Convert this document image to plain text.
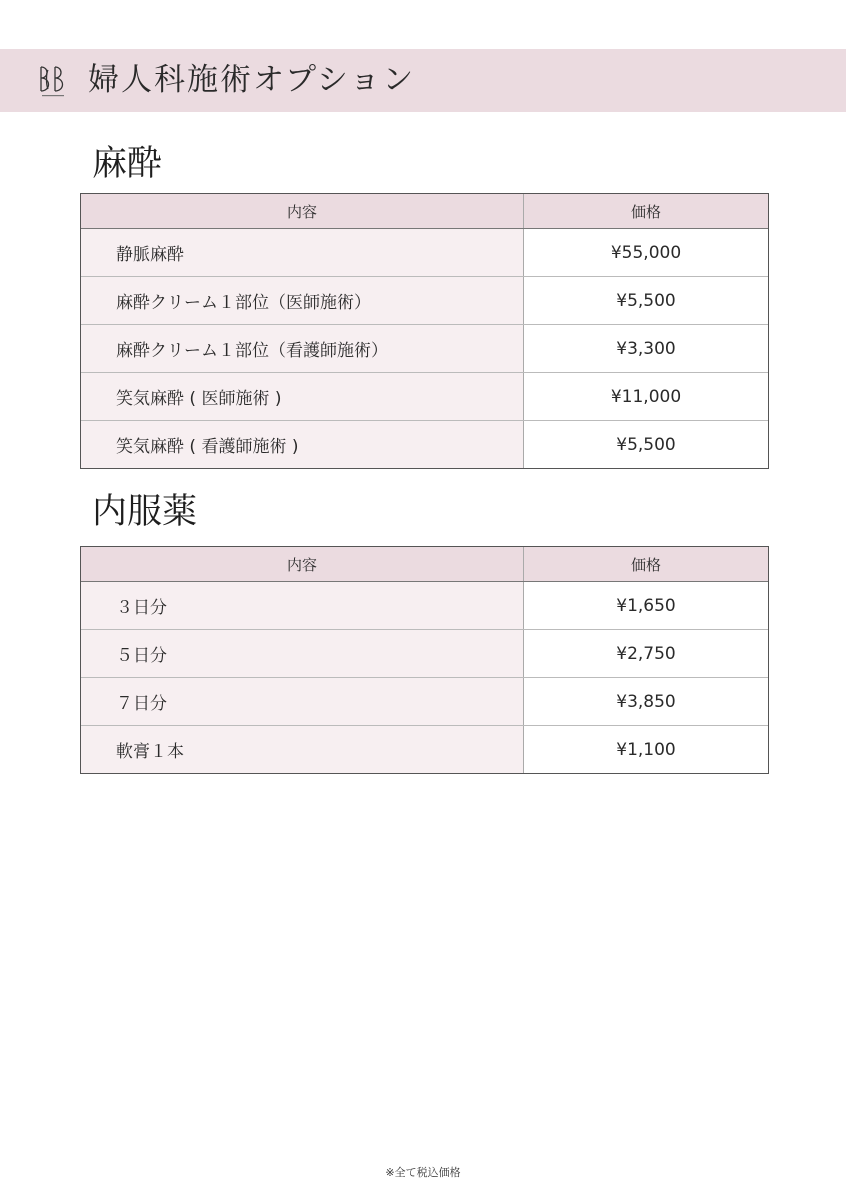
婦人科施術オプション
麻酔
内容	価格
静脈麻酔	¥55,000
麻酔クリーム１部位（医師施術）	¥5,500
麻酔クリーム１部位（看護師施術）	¥3,300
笑気麻酔 ( 医師施術 )	¥11,000
笑気麻酔 ( 看護師施術 )	¥5,500
内服薬
内容	価格
３日分	¥1,650
５日分	¥2,750
７日分	¥3,850
軟膏１本	¥1,100
※全て税込価格
